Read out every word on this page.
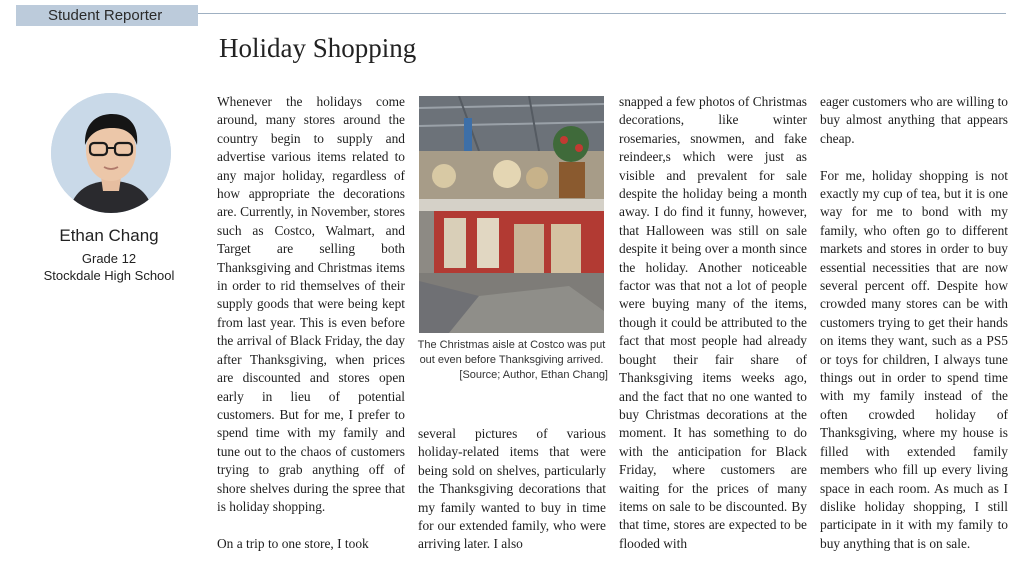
Student Reporter
Holiday Shopping
Ethan Chang
Grade 12
Stockdale High School

Whenever the holidays come around, many stores around the country begin to supply and advertise various items related to any major holiday, regardless of how appropriate the decorations are. Currently, in November, stores such as Costco, Walmart, and Target are selling both Thanksgiving and Christmas items in order to rid themselves of their supply goods that were being kept from last year. This is even before the arrival of Black Friday, the day after Thanksgiving, when prices are discounted and stores open early in lieu of potential customers. But for me, I prefer to spend time with my family and tune out to the chaos of customers trying to grab anything off of shore shelves during the spree that is holiday shopping.

On a trip to one store, I took

The Christmas aisle at Costco was put out even before Thanksgiving arrived.

[Source; Author, Ethan Chang]

several pictures of various holiday-related items that were being sold on shelves, particularly the Thanksgiving decorations that my family wanted to buy in time for our extended family, who were arriving later. I also

snapped a few photos of Christmas decorations, like winter rosemaries, snowmen, and fake reindeer,s which were just as visible and prevalent for sale despite the holiday being a month away. I do find it funny, however, that Halloween was still on sale despite it being over a month since the holiday. Another noticeable factor was that not a lot of people were buying many of the items, though it could be attributed to the fact that most people had already bought their fair share of Thanksgiving items weeks ago, and the fact that no one wanted to buy Christmas decorations at the moment. It has something to do with the anticipation for Black Friday, where customers are waiting for the prices of many items on sale to be discounted. By that time, stores are expected to be flooded with

eager customers who are willing to buy almost anything that appears cheap.

For me, holiday shopping is not exactly my cup of tea, but it is one way for me to bond with my family, who often go to different markets and stores in order to buy essential necessities that are now several percent off. Despite how crowded many stores can be with customers trying to get their hands on items they want, such as a PS5 or toys for children, I always tune things out in order to spend time with my family instead of the often crowded holiday of Thanksgiving, where my house is filled with extended family members who fill up every living space in each room. As much as I dislike holiday shopping, I still participate in it with my family to buy anything that is on sale.
